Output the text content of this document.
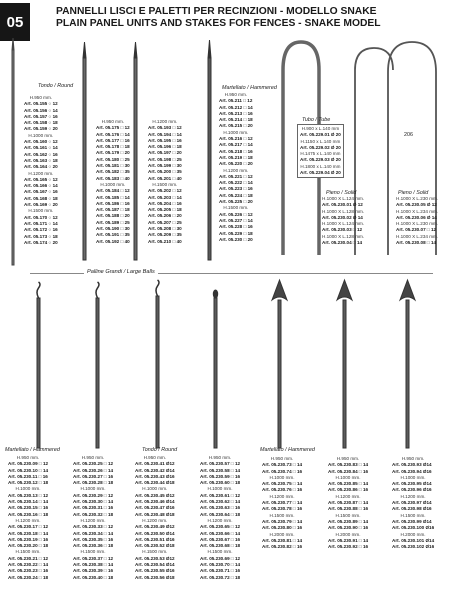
05
PANNELLI LISCI E PALETTI PER RECINZIONI - MODELLO SNAKE
PLAIN PANEL UNITS AND STAKES FOR FENCES - SNAKE MODEL
Tondo / Round	Martellato / Hammered
Tubo / Tube
Pieno / Solid	Pieno / Solid
206
Martellato / Hammered	Tondo / Round	Martellato / Hammered
Palline Grandi / Large Balls
H.950 mm.
Art. 05.155 ○ 12
Art. 05.156 ○ 14
Art. 05.157 ○ 16
Art. 05.158 ○ 18
Art. 05.159 ○ 20
H.1000 mm.
Art. 05.160 ○ 12
Art. 05.161 ○ 14
Art. 05.162 ○ 16
Art. 05.163 ○ 18
Art. 05.164 ○ 20
H.1200 mm.
Art. 05.165 ○ 12
Art. 05.166 ○ 14
Art. 05.167 ○ 16
Art. 05.168 ○ 18
Art. 05.169 ○ 20
H.1500 mm.
Art. 05.170 ○ 12
Art. 05.171 ○ 14
Art. 05.172 ○ 16
Art. 05.173 ○ 18
Art. 05.174 ○ 20
H.950 mm.
Art. 05.175 □ 12
Art. 05.176 □ 14
Art. 05.177 □ 16
Art. 05.178 □ 18
Art. 05.179 □ 20
Art. 05.180 □ 25
Art. 05.181 □ 30
Art. 05.182 □ 35
Art. 05.183 □ 40
H.1000 mm.
Art. 05.184 □ 12
Art. 05.185 □ 14
Art. 05.186 □ 16
Art. 05.187 □ 18
Art. 05.188 □ 20
Art. 05.189 □ 25
Art. 05.190 □ 30
Art. 05.191 □ 35
Art. 05.192 □ 40
H.1200 mm.
Art. 05.193 □ 12
Art. 05.194 □ 14
Art. 05.195 □ 16
Art. 05.196 □ 18
Art. 05.197 □ 20
Art. 05.198 □ 25
Art. 05.199 □ 30
Art. 05.200 □ 35
Art. 05.201 □ 40
H.1500 mm.
Art. 05.202 □ 12
Art. 05.203 □ 14
Art. 05.204 □ 16
Art. 05.205 □ 18
Art. 05.206 □ 20
Art. 05.207 □ 25
Art. 05.208 □ 30
Art. 05.209 □ 35
Art. 05.210 □ 40
H.950 mm.
Art. 05.211 □ 12
Art. 05.212 □ 14
Art. 05.213 □ 16
Art. 05.214 □ 18
Art. 05.215 □ 20
H.1000 mm.
Art. 05.216 □ 12
Art. 05.217 □ 14
Art. 05.218 □ 16
Art. 05.219 □ 18
Art. 05.220 □ 20
H.1200 mm.
Art. 05.221 □ 12
Art. 05.222 □ 14
Art. 05.223 □ 16
Art. 05.224 □ 18
Art. 05.225 □ 20
H.1500 mm.
Art. 05.226 □ 12
Art. 05.227 □ 14
Art. 05.228 □ 16
Art. 05.229 □ 18
Art. 05.230 □ 20
H.900 x L.140 mm
Art. 05.229.01 Ø 20
H.1150 x L.140 mm
Art. 05.229.02 Ø 20
H.1475 x L.140 mm
Art. 05.229.03 Ø 20
H.1800 x L.140 mm
Art. 05.229.04 Ø 20
H.1000 X L.124 mm.
Art. 05.230.01 Ø 12
H.1000 X L.128 mm.
Art. 05.230.02 Ø 14
H.1000 X L.124 mm.
Art. 05.230.03 □ 12
H.1000 X L.128 mm.
Art. 05.230.04 □ 14
H.1000 X L.230 mm.
Art. 05.230.05 Ø 12
H.1000 X L.234 mm.
Art. 05.230.06 Ø 14
H.1000 X L.230 mm.
Art. 05.230.07 □ 12
H.1000 X L.234 mm.
Art. 05.230.08 □ 14
H.950 mm.
Art. 05.230.09 □ 12
Art. 05.230.10 □ 14
Art. 05.230.11 □ 16
Art. 05.230.12 □ 18
H.1000 mm.
Art. 05.230.13 □ 12
Art. 05.230.14 □ 14
Art. 05.230.15 □ 16
Art. 05.230.16 □ 18
H.1200 mm.
Art. 05.230.17 □ 12
Art. 05.230.18 □ 14
Art. 05.230.19 □ 16
Art. 05.230.20 □ 18
H.1500 mm.
Art. 05.230.21 □ 12
Art. 05.230.22 □ 14
Art. 05.230.23 □ 16
Art. 05.230.24 □ 18
H.950 mm.
Art. 05.230.25 □ 12
Art. 05.230.26 □ 14
Art. 05.230.27 □ 16
Art. 05.230.28 □ 18
H.1000 mm.
Art. 05.230.29 □ 12
Art. 05.230.30 □ 14
Art. 05.230.31 □ 16
Art. 05.230.32 □ 18
H.1200 mm.
Art. 05.230.33 □ 12
Art. 05.230.34 □ 14
Art. 05.230.35 □ 16
Art. 05.230.36 □ 18
H.1500 mm.
Art. 05.230.37 □ 12
Art. 05.230.38 □ 14
Art. 05.230.39 □ 16
Art. 05.230.40 □ 18
H.950 mm.
Art. 05.230.41 Ø12
Art. 05.230.42 Ø14
Art. 05.230.43 Ø16
Art. 05.230.44 Ø18
H.1000 mm.
Art. 05.230.45 Ø12
Art. 05.230.46 Ø14
Art. 05.230.47 Ø16
Art. 05.230.48 Ø18
H.1200 mm.
Art. 05.230.49 Ø12
Art. 05.230.50 Ø14
Art. 05.230.51 Ø16
Art. 05.230.52 Ø18
H.1500 mm.
Art. 05.230.53 Ø12
Art. 05.230.54 Ø14
Art. 05.230.55 Ø16
Art. 05.230.56 Ø18
H.950 mm.
Art. 05.230.57 □ 12
Art. 05.230.58 □ 14
Art. 05.230.59 □ 16
Art. 05.230.60 □ 18
H.1000 mm.
Art. 05.230.61 □ 12
Art. 05.230.62 □ 14
Art. 05.230.63 □ 16
Art. 05.230.64 □ 18
H.1200 mm.
Art. 05.230.65 □ 12
Art. 05.230.66 □ 14
Art. 05.230.67 □ 16
Art. 05.230.68 □ 18
H.1500 mm.
Art. 05.230.69 □ 12
Art. 05.230.70 □ 14
Art. 05.230.71 □ 16
Art. 05.230.72 □ 18
H.950 mm.
Art. 05.230.73 □ 14
Art. 05.230.74 □ 16
H.1000 mm.
Art. 05.230.75 □ 14
Art. 05.230.76 □ 16
H.1200 mm.
Art. 05.230.77 □ 14
Art. 05.230.78 □ 16
H.1500 mm.
Art. 05.230.79 □ 14
Art. 05.230.80 □ 16
H.2000 mm.
Art. 05.230.81 □ 14
Art. 05.230.82 □ 16
H.950 mm.
Art. 05.230.83 □ 14
Art. 05.230.84 □ 16
H.1000 mm.
Art. 05.230.85 □ 14
Art. 05.230.86 □ 16
H.1200 mm.
Art. 05.230.87 □ 14
Art. 05.230.88 □ 16
H.1500 mm.
Art. 05.230.89 □ 14
Art. 05.230.90 □ 16
H.2000 mm.
Art. 05.230.91 □ 14
Art. 05.230.92 □ 16
H.950 mm.
Art. 05.230.93 Ø14
Art. 05.230.94 Ø16
H.1000 mm.
Art. 05.230.95 Ø14
Art. 05.230.96 Ø16
H.1200 mm.
Art. 05.230.97 Ø14
Art. 05.230.98 Ø16
H.1500 mm.
Art. 05.230.99 Ø14
Art. 05.230.100 Ø16
H.2000 mm.
Art. 05.230.101 Ø14
Art. 05.230.102 Ø16
